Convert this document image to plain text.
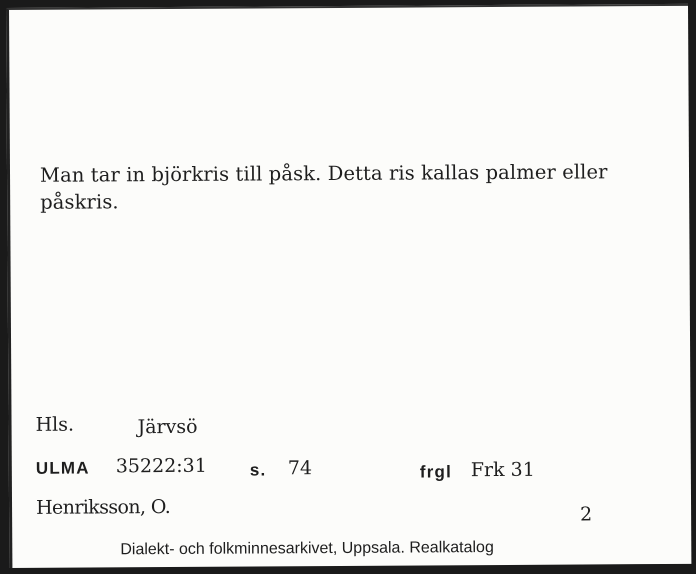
Man tar in björkris till påsk. Detta ris kallas palmer eller
påskris.
Hls.	Järvsö
ULMA 35222:31	s. 74	frgl Frk 31
Henriksson, O.	2
Dialekt- och folkminnesarkivet, Uppsala. Realkatalog
